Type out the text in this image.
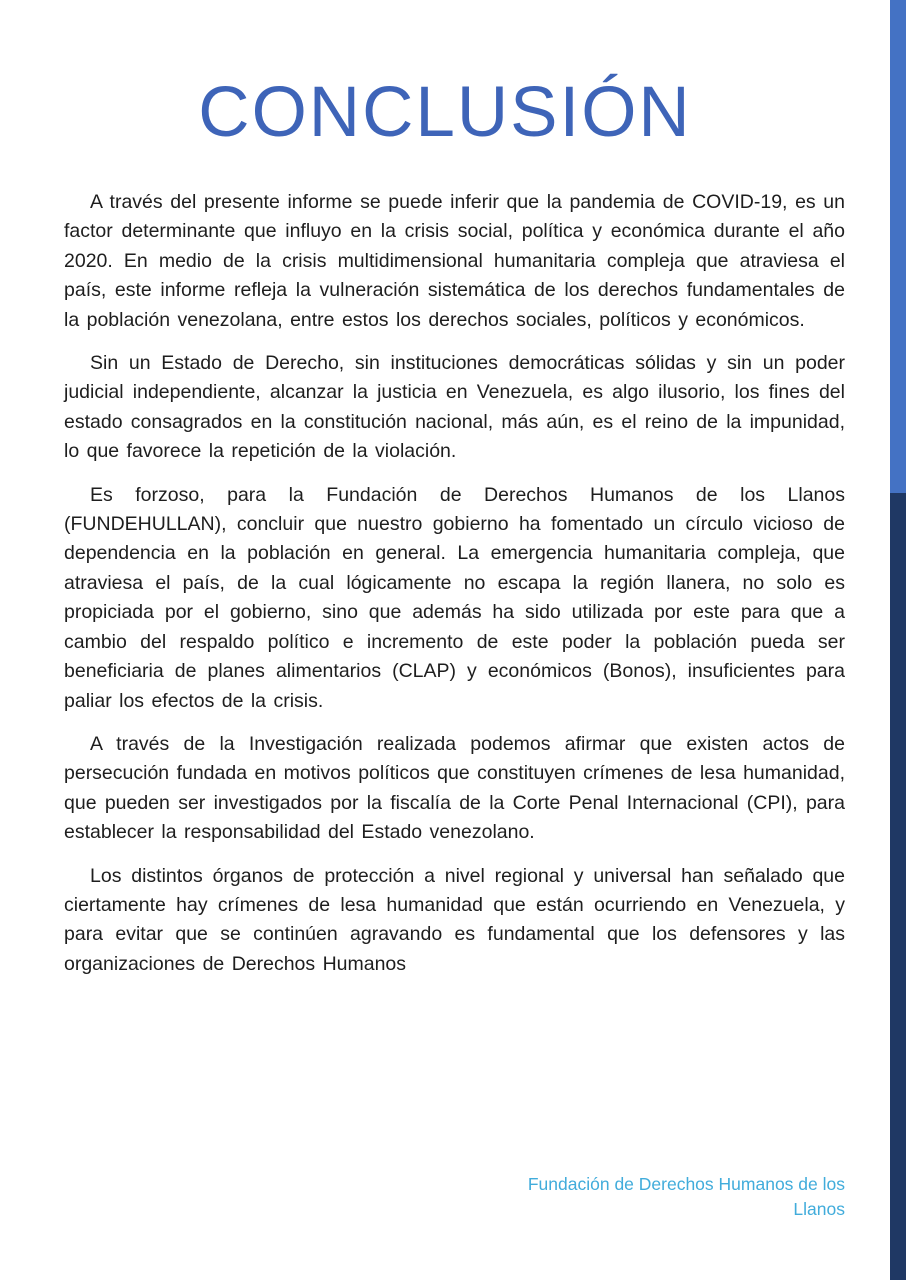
CONCLUSIÓN

A través del presente informe se puede inferir que la pandemia de COVID-19, es un factor determinante que influyo en la crisis social, política y económica durante el año 2020. En medio de la crisis multidimensional humanitaria compleja que atraviesa el país, este informe refleja la vulneración sistemática de los derechos fundamentales de la población venezolana, entre estos los derechos sociales, políticos y económicos.

Sin un Estado de Derecho, sin instituciones democráticas sólidas y sin un poder judicial independiente, alcanzar la justicia en Venezuela, es algo ilusorio, los fines del estado consagrados en la constitución nacional, más aún, es el reino de la impunidad, lo que favorece la repetición de la violación.

Es forzoso, para la Fundación de Derechos Humanos de los Llanos (FUNDEHULLAN), concluir que nuestro gobierno ha fomentado un círculo vicioso de dependencia en la población en general. La emergencia humanitaria compleja, que atraviesa el país, de la cual lógicamente no escapa la región llanera, no solo es propiciada por el gobierno, sino que además ha sido utilizada por este para que a cambio del respaldo político e incremento de este poder la población pueda ser beneficiaria de planes alimentarios (CLAP) y económicos (Bonos), insuficientes para paliar los efectos de la crisis.

A través de la Investigación realizada podemos afirmar que existen actos de persecución fundada en motivos políticos que constituyen crímenes de lesa humanidad, que pueden ser investigados por la fiscalía de la Corte Penal Internacional (CPI), para establecer la responsabilidad del Estado venezolano.

Los distintos órganos de protección a nivel regional y universal han señalado que ciertamente hay crímenes de lesa humanidad que están ocurriendo en Venezuela, y para evitar que se continúen agravando es fundamental que los defensores y las organizaciones de Derechos Humanos

Fundación de Derechos Humanos de los Llanos
